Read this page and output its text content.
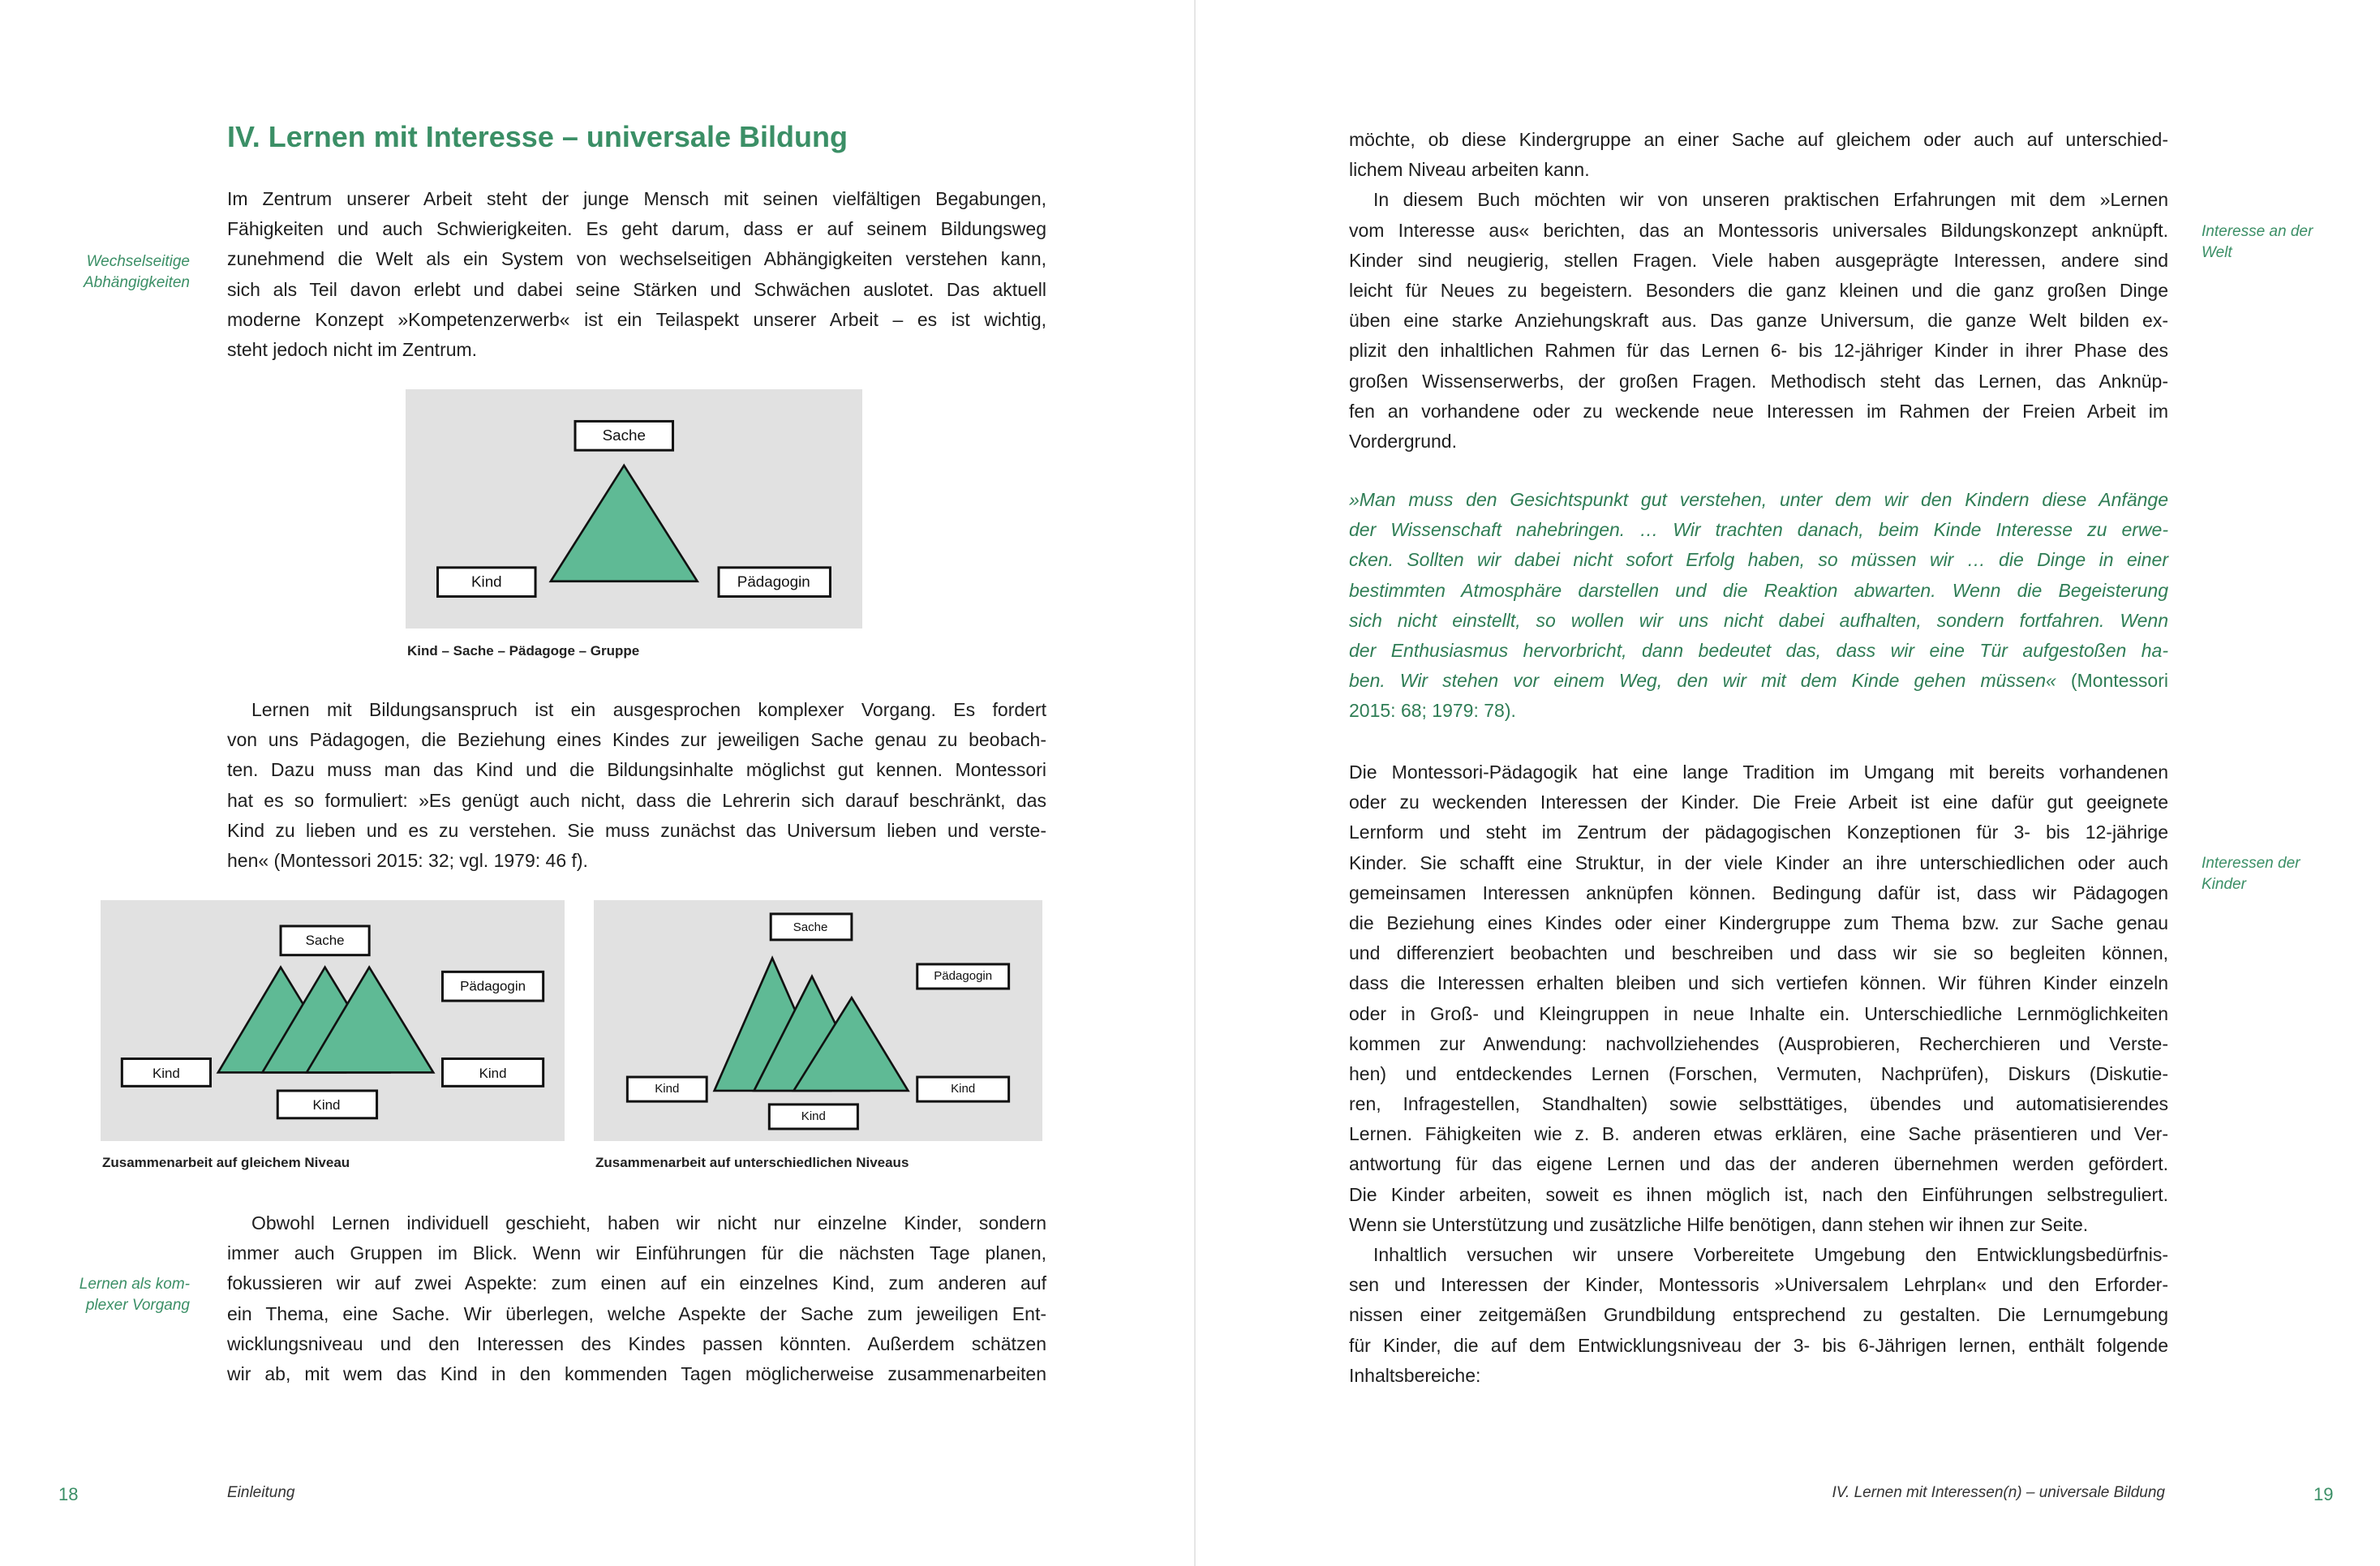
IV. Lernen mit Interesse – universale Bildung
Wechselseitige
Abhängigkeiten
Lernen als kom-
plexer Vorgang
Im Zentrum unserer Arbeit steht der junge Mensch mit seinen vielfältigen Begabungen,
Fähigkeiten und auch Schwierigkeiten. Es geht darum, dass er auf seinem Bildungsweg
zunehmend die Welt als ein System von wechselseitigen Abhängigkeiten verstehen kann,
sich als Teil davon erlebt und dabei seine Stärken und Schwächen auslotet. Das aktuell
moderne Konzept »Kompetenzerwerb« ist ein Teilaspekt unserer Arbeit – es ist wichtig,
steht jedoch nicht im Zentrum.
Sache
Kind	Pädagogin
Kind – Sache – Pädagoge – Gruppe
Lernen mit Bildungsanspruch ist ein ausgesprochen komplexer Vorgang. Es fordert
von uns Pädagogen, die Beziehung eines Kindes zur jeweiligen Sache genau zu beobach-
ten. Dazu muss man das Kind und die Bildungsinhalte möglichst gut kennen. Montessori
hat es so formuliert: »Es genügt auch nicht, dass die Lehrerin sich darauf beschränkt, das
Kind zu lieben und es zu verstehen. Sie muss zunächst das Universum lieben und verste-
hen« (Montessori 2015: 32; vgl. 1979: 46 f).
Sache
Pädagogin
Kind	Kind
Kind
Zusammenarbeit auf gleichem Niveau
Sache
Pädagogin
Kind	Kind
Kind
Zusammenarbeit auf unterschiedlichen Niveaus
Obwohl Lernen individuell geschieht, haben wir nicht nur einzelne Kinder, sondern
immer auch Gruppen im Blick. Wenn wir Einführungen für die nächsten Tage planen,
fokussieren wir auf zwei Aspekte: zum einen auf ein einzelnes Kind, zum anderen auf
ein Thema, eine Sache. Wir überlegen, welche Aspekte der Sache zum jeweiligen Ent-
wicklungsniveau und den Interessen des Kindes passen könnten. Außerdem schätzen
wir ab, mit wem das Kind in den kommenden Tagen möglicherweise zusammenarbeiten
18	Einleitung
möchte, ob diese Kindergruppe an einer Sache auf gleichem oder auch auf unterschied-
lichem Niveau arbeiten kann.
In diesem Buch möchten wir von unseren praktischen Erfahrungen mit dem »Lernen
vom Interesse aus« berichten, das an Montessoris universales Bildungskonzept anknüpft.
Kinder sind neugierig, stellen Fragen. Viele haben ausgeprägte Interessen, andere sind
leicht für Neues zu begeistern. Besonders die ganz kleinen und die ganz großen Dinge
üben eine starke Anziehungskraft aus. Das ganze Universum, die ganze Welt bilden ex-
plizit den inhaltlichen Rahmen für das Lernen 6- bis 12-jähriger Kinder in ihrer Phase des
großen Wissenserwerbs, der großen Fragen. Methodisch steht das Lernen, das Anknüp-
fen an vorhandene oder zu weckende neue Interessen im Rahmen der Freien Arbeit im
Vordergrund.
»Man muss den Gesichtspunkt gut verstehen, unter dem wir den Kindern diese Anfänge
der Wissenschaft nahebringen. … Wir trachten danach, beim Kinde Interesse zu erwe-
cken. Sollten wir dabei nicht sofort Erfolg haben, so müssen wir … die Dinge in einer
bestimmten Atmosphäre darstellen und die Reaktion abwarten. Wenn die Begeisterung
sich nicht einstellt, so wollen wir uns nicht dabei aufhalten, sondern fortfahren. Wenn
der Enthusiasmus hervorbricht, dann bedeutet das, dass wir eine Tür aufgestoßen ha-
ben. Wir stehen vor einem Weg, den wir mit dem Kinde gehen müssen« (Montessori
2015: 68; 1979: 78).
Die Montessori-Pädagogik hat eine lange Tradition im Umgang mit bereits vorhandenen
oder zu weckenden Interessen der Kinder. Die Freie Arbeit ist eine dafür gut geeignete
Lernform und steht im Zentrum der pädagogischen Konzeptionen für 3- bis 12-jährige
Kinder. Sie schafft eine Struktur, in der viele Kinder an ihre unterschiedlichen oder auch
gemeinsamen Interessen anknüpfen können. Bedingung dafür ist, dass wir Pädagogen
die Beziehung eines Kindes oder einer Kindergruppe zum Thema bzw. zur Sache genau
und differenziert beobachten und beschreiben und dass wir sie so begleiten können,
dass die Interessen erhalten bleiben und sich vertiefen können. Wir führen Kinder einzeln
oder in Groß- und Kleingruppen in neue Inhalte ein. Unterschiedliche Lernmöglichkeiten
kommen zur Anwendung: nachvollziehendes (Ausprobieren, Recherchieren und Verste-
hen) und entdeckendes Lernen (Forschen, Vermuten, Nachprüfen), Diskurs (Diskutie-
ren, Infragestellen, Standhalten) sowie selbsttätiges, übendes und automatisierendes
Lernen. Fähigkeiten wie z. B. anderen etwas erklären, eine Sache präsentieren und Ver-
antwortung für das eigene Lernen und das der anderen übernehmen werden gefördert.
Die Kinder arbeiten, soweit es ihnen möglich ist, nach den Einführungen selbstreguliert.
Wenn sie Unterstützung und zusätzliche Hilfe benötigen, dann stehen wir ihnen zur Seite.
Inhaltlich versuchen wir unsere Vorbereitete Umgebung den Entwicklungsbedürfnis-
sen und Interessen der Kinder, Montessoris »Universalem Lehrplan« und den Erforder-
nissen einer zeitgemäßen Grundbildung entsprechend zu gestalten. Die Lernumgebung
für Kinder, die auf dem Entwicklungsniveau der 3- bis 6-Jährigen lernen, enthält folgende
Inhaltsbereiche:
Interesse an der
Welt
Interessen der
Kinder
IV. Lernen mit Interessen(n) – universale Bildung	19
